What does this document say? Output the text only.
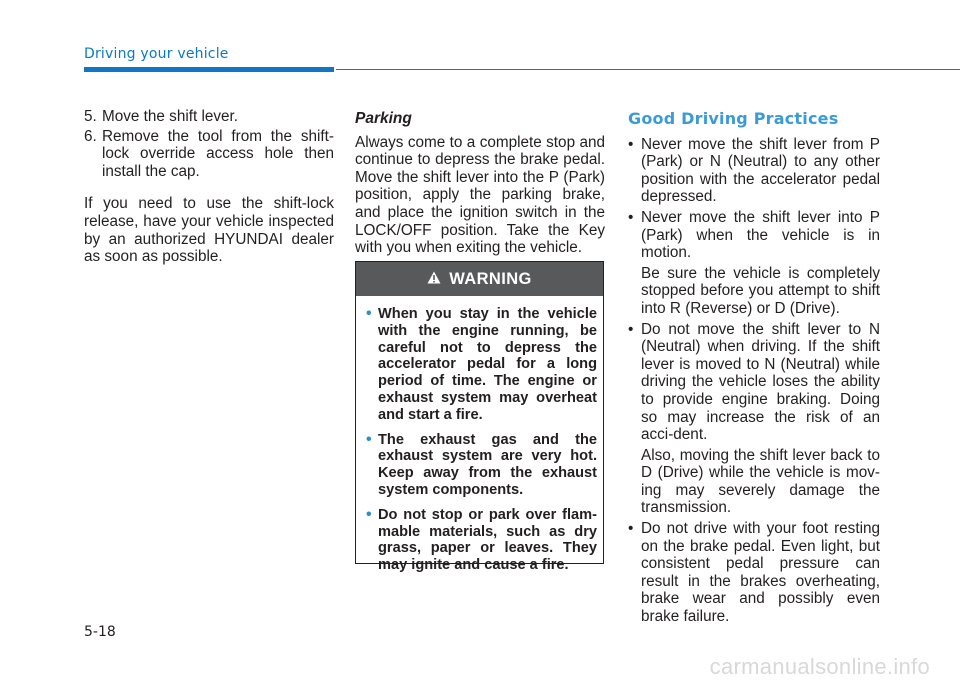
Driving your vehicle
5. Move the shift lever.
6. Remove the tool from the shift-lock override access hole then install the cap.

If you need to use the shift-lock release, have your vehicle inspected by an authorized HYUNDAI dealer as soon as possible.

Parking

Always come to a complete stop and continue to depress the brake pedal. Move the shift lever into the P (Park) position, apply the parking brake, and place the ignition switch in the LOCK/OFF position. Take the Key with you when exiting the vehicle.

WARNING
• When you stay in the vehicle with the engine running, be careful not to depress the accelerator pedal for a long period of time. The engine or exhaust system may overheat and start a fire.
• The exhaust gas and the exhaust system are very hot. Keep away from the exhaust system components.
• Do not stop or park over flam-mable materials, such as dry grass, paper or leaves. They may ignite and cause a fire.
Good Driving Practices
• Never move the shift lever from P (Park) or N (Neutral) to any other position with the accelerator pedal depressed.
• Never move the shift lever into P (Park) when the vehicle is in motion.

Be sure the vehicle is completely stopped before you attempt to shift into R (Reverse) or D (Drive).

• Do not move the shift lever to N (Neutral) when driving. If the shift lever is moved to N (Neutral) while driving the vehicle loses the ability to provide engine braking. Doing so may increase the risk of an acci-dent.

Also, moving the shift lever back to D (Drive) while the vehicle is mov-ing may severely damage the transmission.

• Do not drive with your foot resting on the brake pedal. Even light, but consistent pedal pressure can result in the brakes overheating, brake wear and possibly even brake failure.
5-18
carmanualsonline.info
